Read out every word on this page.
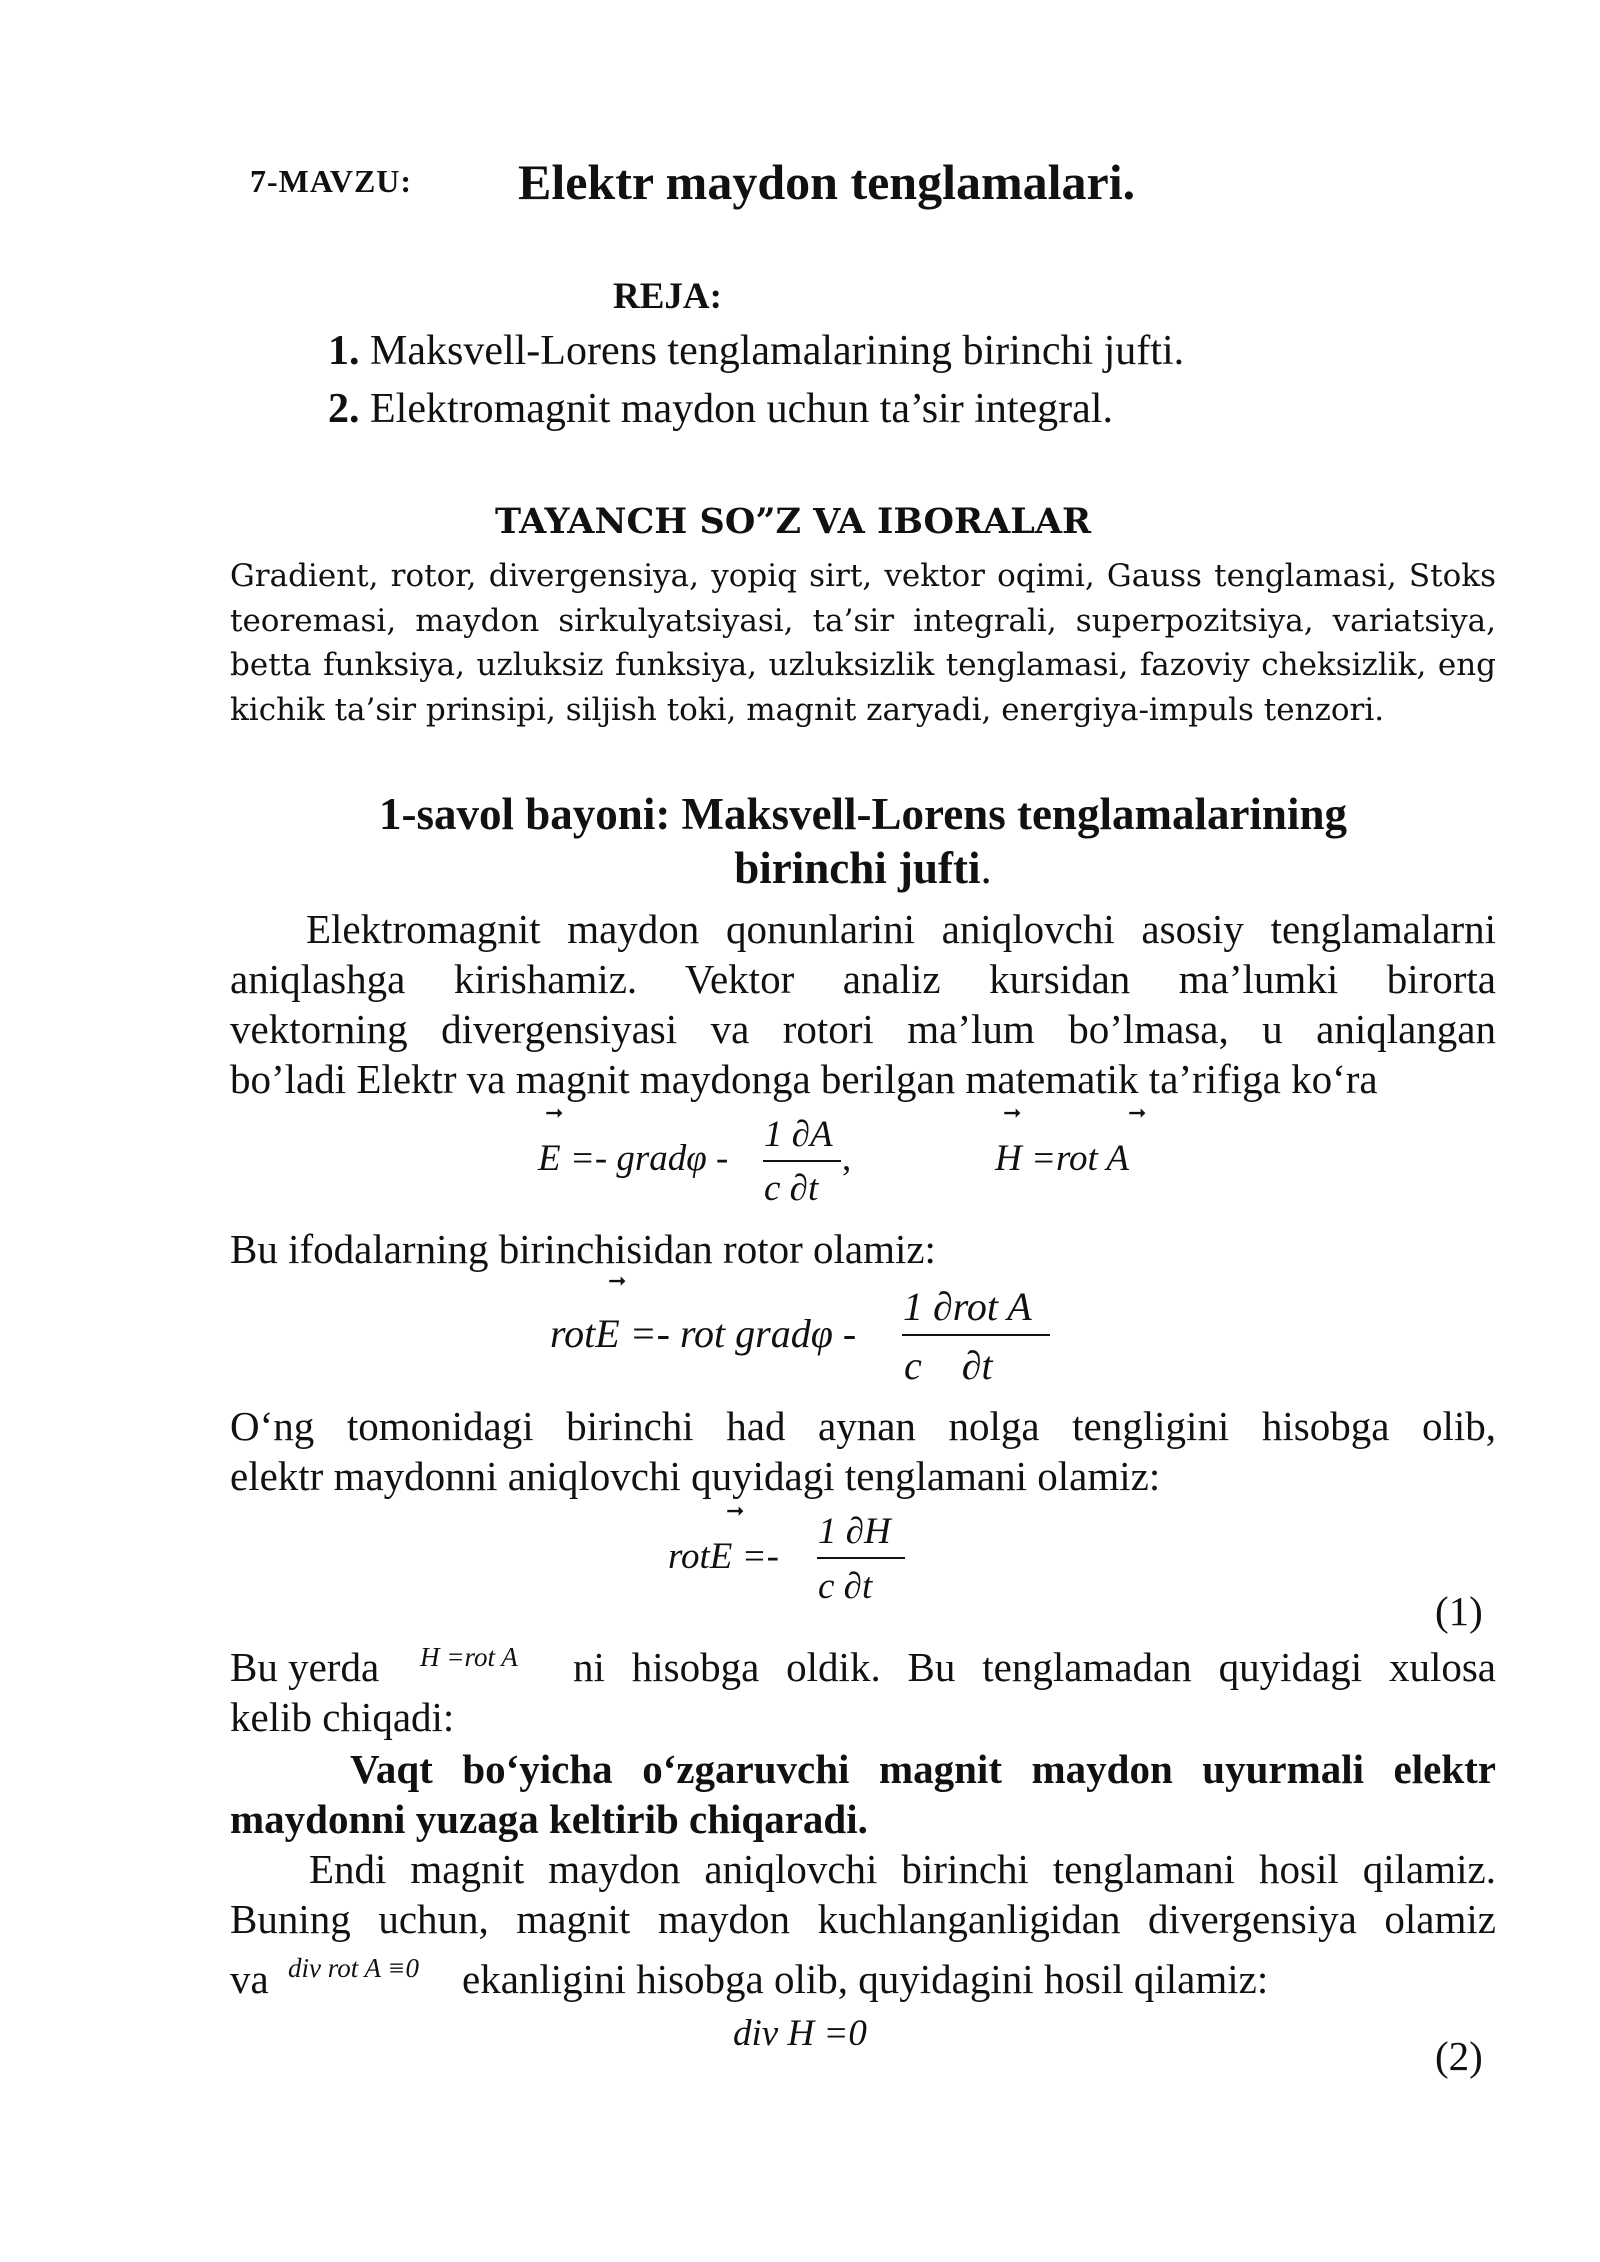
7-MAVZU: Elektr maydon tenglamalari.
REJA:
1. Maksvell-Lorens tenglamalarining birinchi jufti.
2. Elektromagnit maydon uchun ta’sir integral.
TAYANCH SO”Z VA IBORALAR
Gradient, rotor, divergensiya, yopiq sirt, vektor oqimi, Gauss tenglamasi, Stoks
teoremasi, maydon sirkulyatsiyasi, ta’sir integrali, superpozitsiya, variatsiya,
betta funksiya, uzluksiz funksiya, uzluksizlik tenglamasi, fazoviy cheksizlik, eng
kichik ta’sir prinsipi, siljish toki, magnit zaryadi, energiya-impuls tenzori.
1-savol bayoni: Maksvell-Lorens tenglamalarining
birinchi jufti.
Elektromagnit maydon qonunlarini aniqlovchi asosiy tenglamalarni
aniqlashga kirishamiz. Vektor analiz kursidan ma’lumki birorta
vektorning divergensiyasi va rotori ma’lum bo’lmasa, u aniqlangan
bo’ladi Elektr va magnit maydonga berilgan matematik ta’rifiga ko‘ra
E =- gradφ -
➞
1 ∂A
c ∂t
,	H =rot A
➞	➞
Bu ifodalarning birinchisidan rotor olamiz:
rotE =- rot gradφ -
➞
1 ∂rot A
c    ∂t
O‘ng tomonidagi birinchi had aynan nolga tengligini hisobga olib,
elektr maydonni aniqlovchi quyidagi tenglamani olamiz:
rotE =-
➞
1 ∂H
c ∂t
(1)
Bu yerda	H =rot A ni hisobga oldik. Bu tenglamadan quyidagi xulosa
kelib chiqadi:
Vaqt bo‘yicha o‘zgaruvchi magnit maydon uyurmali elektr
maydonni yuzaga keltirib chiqaradi.
Endi magnit maydon aniqlovchi birinchi tenglamani hosil qilamiz.
Buning uchun, magnit maydon kuchlanganligidan divergensiya olamiz
va div rot A ≡0 ekanligini hisobga olib, quyidagini hosil qilamiz:
div H =0	(2)
